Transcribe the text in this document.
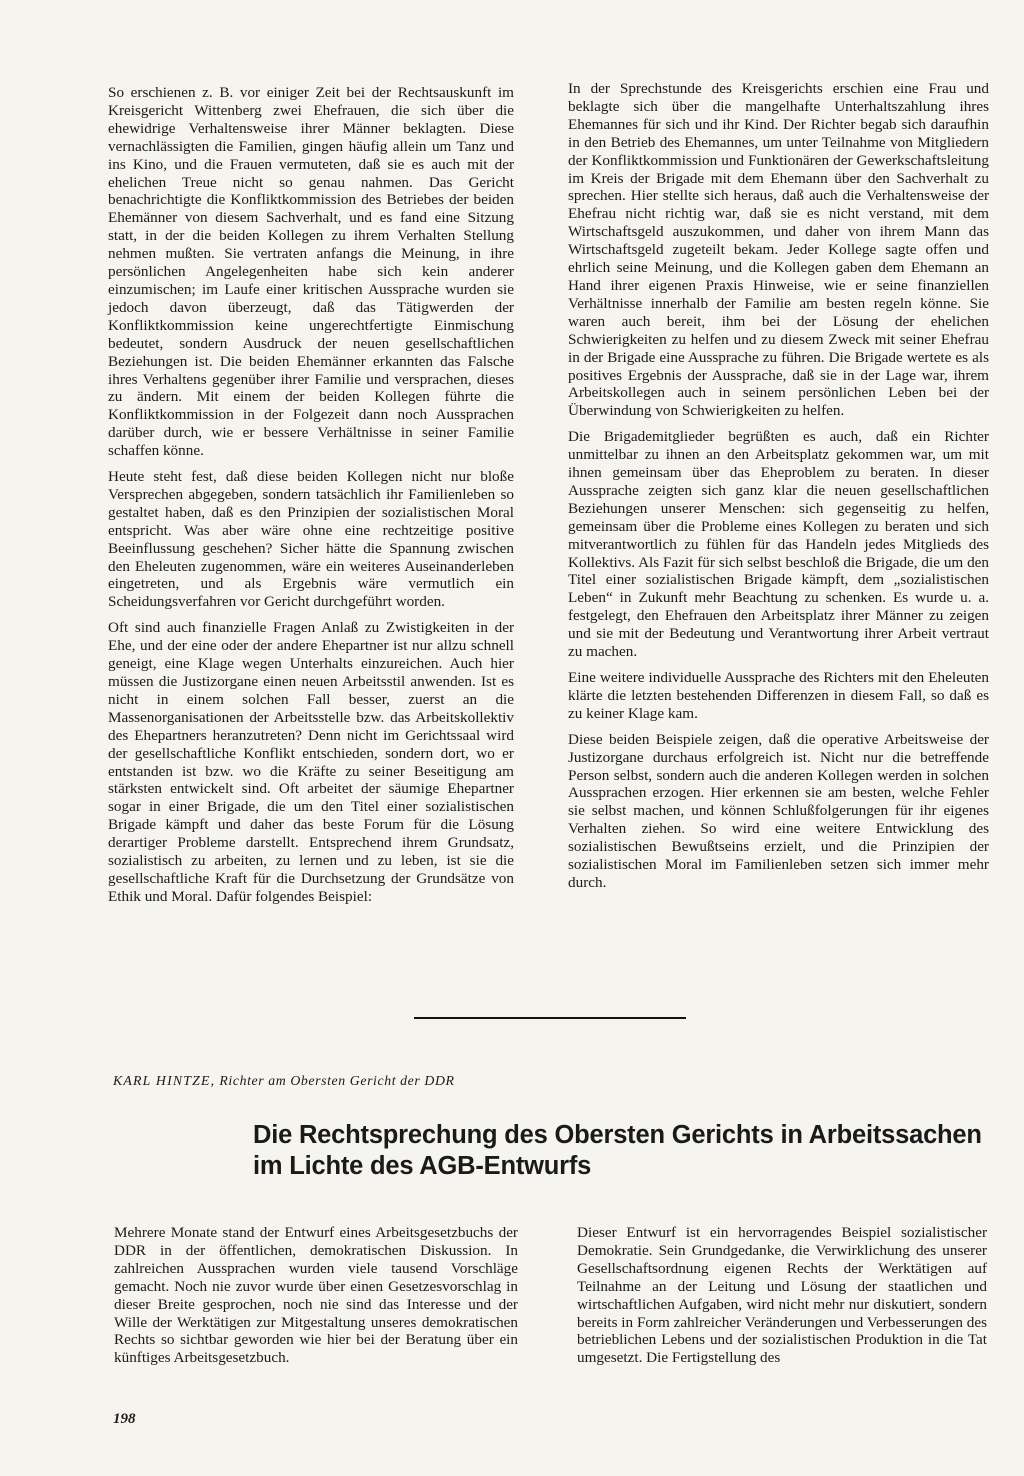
So erschienen z. B. vor einiger Zeit bei der Rechtsauskunft im Kreisgericht Wittenberg zwei Ehefrauen, die sich über die ehewidrige Verhaltensweise ihrer Männer beklagten. Diese vernachlässigten die Familien, gingen häufig allein um Tanz und ins Kino, und die Frauen vermuteten, daß sie es auch mit der ehelichen Treue nicht so genau nahmen. Das Gericht benachrichtigte die Konfliktkommission des Betriebes der beiden Ehemänner von diesem Sachverhalt, und es fand eine Sitzung statt, in der die beiden Kollegen zu ihrem Verhalten Stellung nehmen mußten. Sie vertraten anfangs die Meinung, in ihre persönlichen Angelegenheiten habe sich kein anderer einzumischen; im Laufe einer kritischen Aussprache wurden sie jedoch davon überzeugt, daß das Tätigwerden der Konfliktkommission keine ungerechtfertigte Einmischung bedeutet, sondern Ausdruck der neuen gesellschaftlichen Beziehungen ist. Die beiden Ehemänner erkannten das Falsche ihres Verhaltens gegenüber ihrer Familie und versprachen, dieses zu ändern. Mit einem der beiden Kollegen führte die Konfliktkommission in der Folgezeit dann noch Aussprachen darüber durch, wie er bessere Verhältnisse in seiner Familie schaffen könne.

Heute steht fest, daß diese beiden Kollegen nicht nur bloße Versprechen abgegeben, sondern tatsächlich ihr Familienleben so gestaltet haben, daß es den Prinzipien der sozialistischen Moral entspricht. Was aber wäre ohne eine rechtzeitige positive Beeinflussung geschehen? Sicher hätte die Spannung zwischen den Eheleuten zugenommen, wäre ein weiteres Auseinanderleben eingetreten, und als Ergebnis wäre vermutlich ein Scheidungsverfahren vor Gericht durchgeführt worden.

Oft sind auch finanzielle Fragen Anlaß zu Zwistigkeiten in der Ehe, und der eine oder der andere Ehepartner ist nur allzu schnell geneigt, eine Klage wegen Unterhalts einzureichen. Auch hier müssen die Justizorgane einen neuen Arbeitsstil anwenden. Ist es nicht in einem solchen Fall besser, zuerst an die Massenorganisationen der Arbeitsstelle bzw. das Arbeitskollektiv des Ehepartners heranzutreten? Denn nicht im Gerichtssaal wird der gesellschaftliche Konflikt entschieden, sondern dort, wo er entstanden ist bzw. wo die Kräfte zu seiner Beseitigung am stärksten entwickelt sind. Oft arbeitet der säumige Ehepartner sogar in einer Brigade, die um den Titel einer sozialistischen Brigade kämpft und daher das beste Forum für die Lösung derartiger Probleme darstellt. Entsprechend ihrem Grundsatz, sozialistisch zu arbeiten, zu lernen und zu leben, ist sie die gesellschaftliche Kraft für die Durchsetzung der Grundsätze von Ethik und Moral. Dafür folgendes Beispiel:

In der Sprechstunde des Kreisgerichts erschien eine Frau und beklagte sich über die mangelhafte Unterhaltszahlung ihres Ehemannes für sich und ihr Kind. Der Richter begab sich daraufhin in den Betrieb des Ehemannes, um unter Teilnahme von Mitgliedern der Konfliktkommission und Funktionären der Gewerkschaftsleitung im Kreis der Brigade mit dem Ehemann über den Sachverhalt zu sprechen. Hier stellte sich heraus, daß auch die Verhaltensweise der Ehefrau nicht richtig war, daß sie es nicht verstand, mit dem Wirtschaftsgeld auszukommen, und daher von ihrem Mann das Wirtschaftsgeld zugeteilt bekam. Jeder Kollege sagte offen und ehrlich seine Meinung, und die Kollegen gaben dem Ehemann an Hand ihrer eigenen Praxis Hinweise, wie er seine finanziellen Verhältnisse innerhalb der Familie am besten regeln könne. Sie waren auch bereit, ihm bei der Lösung der ehelichen Schwierigkeiten zu helfen und zu diesem Zweck mit seiner Ehefrau in der Brigade eine Aussprache zu führen. Die Brigade wertete es als positives Ergebnis der Aussprache, daß sie in der Lage war, ihrem Arbeitskollegen auch in seinem persönlichen Leben bei der Überwindung von Schwierigkeiten zu helfen.

Die Brigademitglieder begrüßten es auch, daß ein Richter unmittelbar zu ihnen an den Arbeitsplatz gekommen war, um mit ihnen gemeinsam über das Eheproblem zu beraten. In dieser Aussprache zeigten sich ganz klar die neuen gesellschaftlichen Beziehungen unserer Menschen: sich gegenseitig zu helfen, gemeinsam über die Probleme eines Kollegen zu beraten und sich mitverantwortlich zu fühlen für das Handeln jedes Mitglieds des Kollektivs. Als Fazit für sich selbst beschloß die Brigade, die um den Titel einer sozialistischen Brigade kämpft, dem „sozialistischen Leben“ in Zukunft mehr Beachtung zu schenken. Es wurde u. a. festgelegt, den Ehefrauen den Arbeitsplatz ihrer Männer zu zeigen und sie mit der Bedeutung und Verantwortung ihrer Arbeit vertraut zu machen.

Eine weitere individuelle Aussprache des Richters mit den Eheleuten klärte die letzten bestehenden Differenzen in diesem Fall, so daß es zu keiner Klage kam.

Diese beiden Beispiele zeigen, daß die operative Arbeitsweise der Justizorgane durchaus erfolgreich ist. Nicht nur die betreffende Person selbst, sondern auch die anderen Kollegen werden in solchen Aussprachen erzogen. Hier erkennen sie am besten, welche Fehler sie selbst machen, und können Schlußfolgerungen für ihr eigenes Verhalten ziehen. So wird eine weitere Entwicklung des sozialistischen Bewußtseins erzielt, und die Prinzipien der sozialistischen Moral im Familienleben setzen sich immer mehr durch.

KARL HINTZE, Richter am Obersten Gericht der DDR
Die Rechtsprechung des Obersten Gerichts in Arbeitssachen
im Lichte des AGB-Entwurfs

Mehrere Monate stand der Entwurf eines Arbeitsgesetzbuchs der DDR in der öffentlichen, demokratischen Diskussion. In zahlreichen Aussprachen wurden viele tausend Vorschläge gemacht. Noch nie zuvor wurde über einen Gesetzesvorschlag in dieser Breite gesprochen, noch nie sind das Interesse und der Wille der Werktätigen zur Mitgestaltung unseres demokratischen Rechts so sichtbar geworden wie hier bei der Beratung über ein künftiges Arbeitsgesetzbuch.

Dieser Entwurf ist ein hervorragendes Beispiel sozialistischer Demokratie. Sein Grundgedanke, die Verwirklichung des unserer Gesellschaftsordnung eigenen Rechts der Werktätigen auf Teilnahme an der Leitung und Lösung der staatlichen und wirtschaftlichen Aufgaben, wird nicht mehr nur diskutiert, sondern bereits in Form zahlreicher Veränderungen und Verbesserungen des betrieblichen Lebens und der sozialistischen Produktion in die Tat umgesetzt. Die Fertigstellung des

198
